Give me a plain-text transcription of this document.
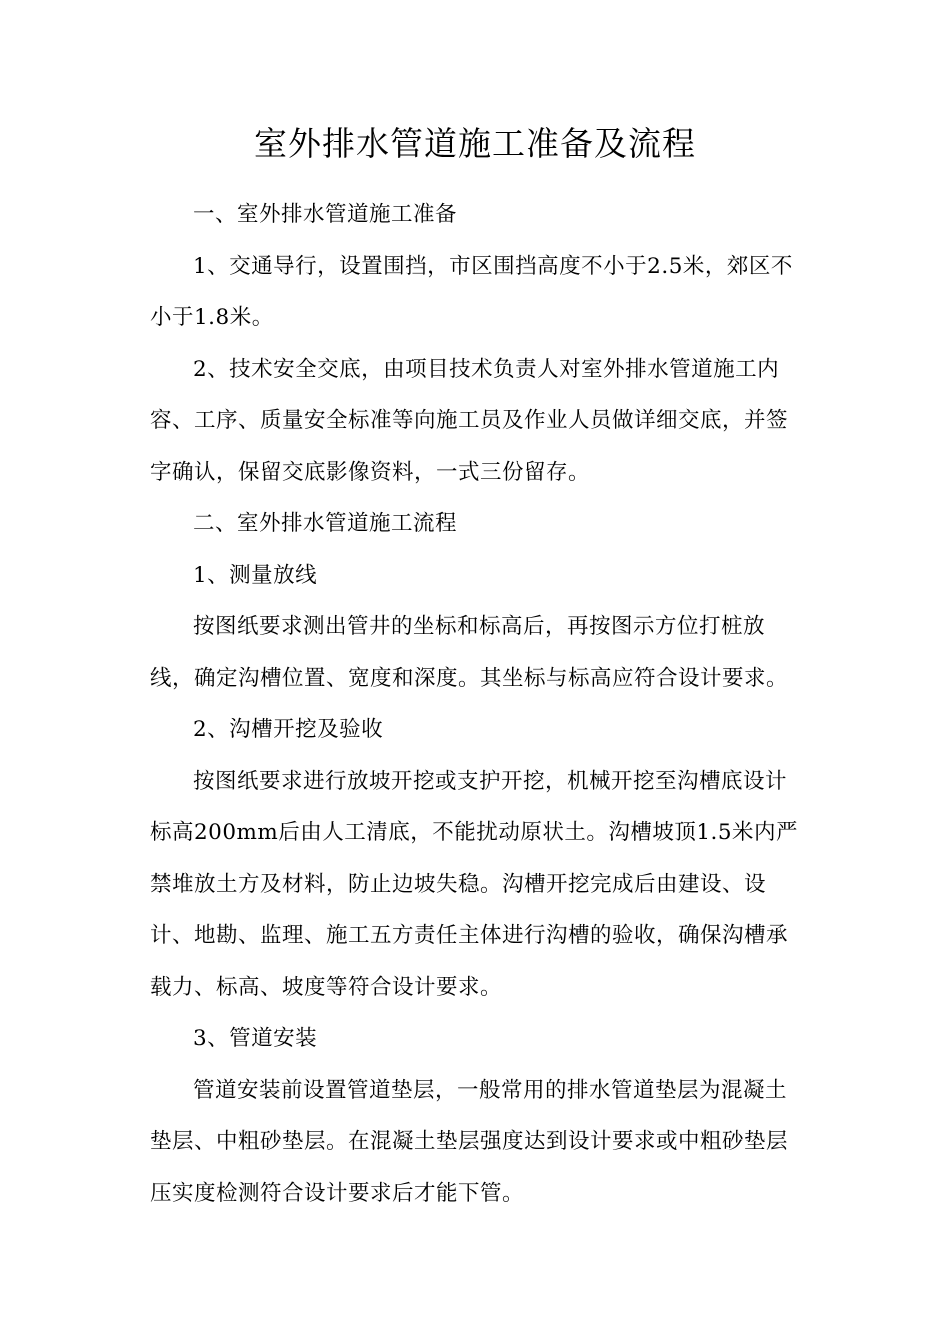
室外排水管道施工准备及流程

一、室外排水管道施工准备

1、交通导行，设置围挡，市区围挡高度不小于2.5米，郊区不小于1.8米。

2、技术安全交底，由项目技术负责人对室外排水管道施工内容、工序、质量安全标准等向施工员及作业人员做详细交底，并签字确认，保留交底影像资料，一式三份留存。

二、室外排水管道施工流程

1、测量放线

按图纸要求测出管井的坐标和标高后，再按图示方位打桩放线，确定沟槽位置、宽度和深度。其坐标与标高应符合设计要求。

2、沟槽开挖及验收

按图纸要求进行放坡开挖或支护开挖，机械开挖至沟槽底设计标高200mm后由人工清底，不能扰动原状土。沟槽坡顶1.5米内严禁堆放土方及材料，防止边坡失稳。沟槽开挖完成后由建设、设计、地勘、监理、施工五方责任主体进行沟槽的验收，确保沟槽承载力、标高、坡度等符合设计要求。

3、管道安装

管道安装前设置管道垫层，一般常用的排水管道垫层为混凝土垫层、中粗砂垫层。在混凝土垫层强度达到设计要求或中粗砂垫层压实度检测符合设计要求后才能下管。
